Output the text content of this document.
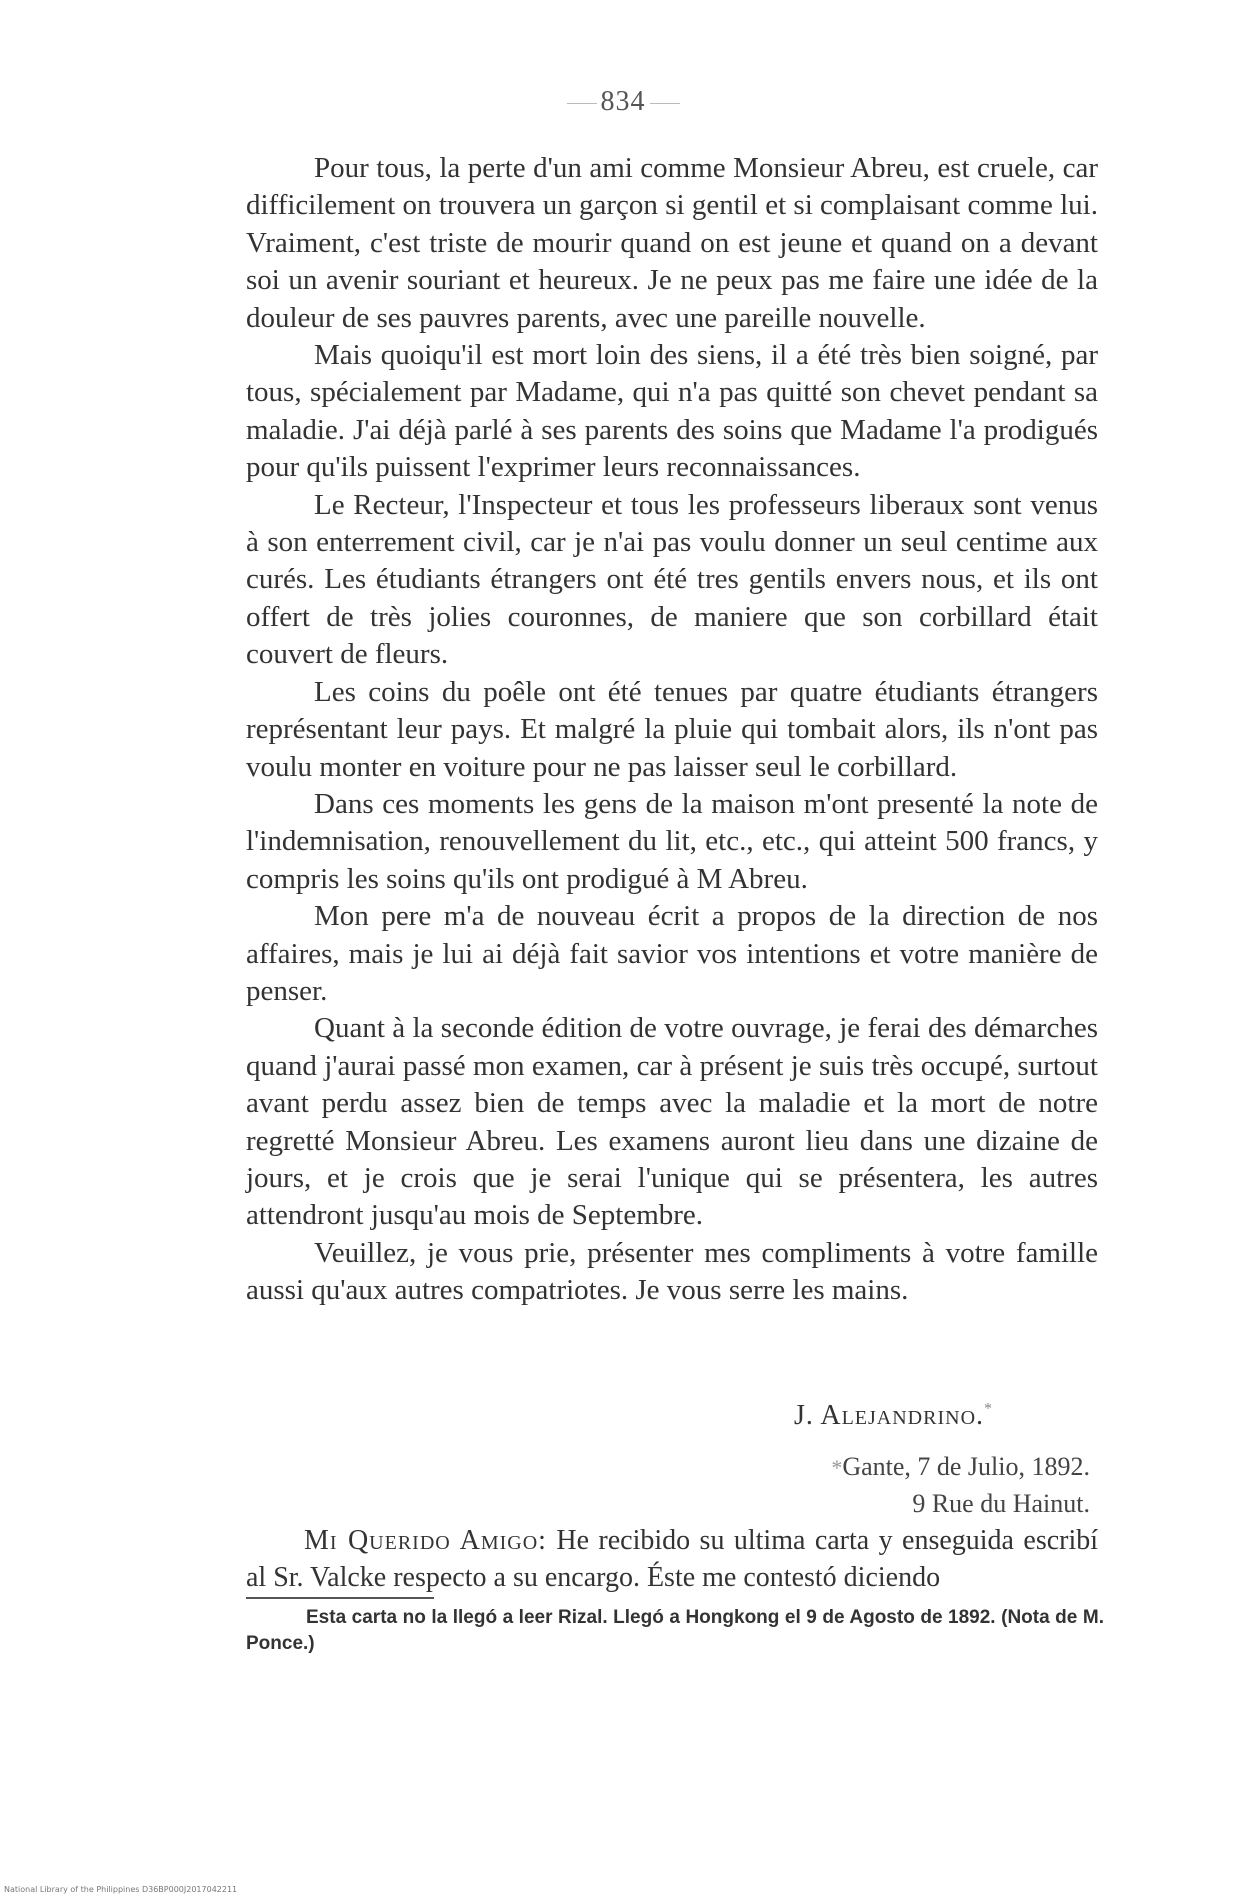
834

Pour tous, la perte d'un ami comme Monsieur Abreu, est cruele, car difficilement on trouvera un garçon si gentil et si complaisant comme lui. Vraiment, c'est triste de mourir quand on est jeune et quand on a devant soi un avenir souriant et heureux. Je ne peux pas me faire une idée de la douleur de ses pauvres parents, avec une pareille nouvelle.

Mais quoiqu'il est mort loin des siens, il a été très bien soigné, par tous, spécialement par Madame, qui n'a pas quitté son chevet pendant sa maladie. J'ai déjà parlé à ses parents des soins que Madame l'a prodigués pour qu'ils puissent l'exprimer leurs reconnaissances.

Le Recteur, l'Inspecteur et tous les professeurs liberaux sont venus à son enterrement civil, car je n'ai pas voulu donner un seul centime aux curés. Les étudiants étrangers ont été tres gentils envers nous, et ils ont offert de très jolies couronnes, de maniere que son corbillard était couvert de fleurs.

Les coins du poêle ont été tenues par quatre étudiants étrangers représentant leur pays. Et malgré la pluie qui tombait alors, ils n'ont pas voulu monter en voiture pour ne pas laisser seul le corbillard.

Dans ces moments les gens de la maison m'ont presenté la note de l'indemnisation, renouvellement du lit, etc., etc., qui atteint 500 francs, y compris les soins qu'ils ont prodigué à M Abreu.

Mon pere m'a de nouveau écrit a propos de la direction de nos affaires, mais je lui ai déjà fait savior vos intentions et votre manière de penser.

Quant à la seconde édition de votre ouvrage, je ferai des démarches quand j'aurai passé mon examen, car à présent je suis très occupé, surtout avant perdu assez bien de temps avec la maladie et la mort de notre regretté Monsieur Abreu. Les examens auront lieu dans une dizaine de jours, et je crois que je serai l'unique qui se présentera, les autres attendront jusqu'au mois de Septembre.

Veuillez, je vous prie, présenter mes compliments à votre famille aussi qu'aux autres compatriotes. Je vous serre les mains.

J. Alejandrino.*
*Gante, 7 de Julio, 1892.
9 Rue du Hainut.

Mi Querido Amigo: He recibido su ultima carta y enseguida escribí al Sr. Valcke respecto a su encargo. Éste me contestó diciendo

Esta carta no la llegó a leer Rizal. Llegó a Hongkong el 9 de Agosto de 1892. (Nota de M. Ponce.)

National Library of the Philippines D36BP000J2017042211
